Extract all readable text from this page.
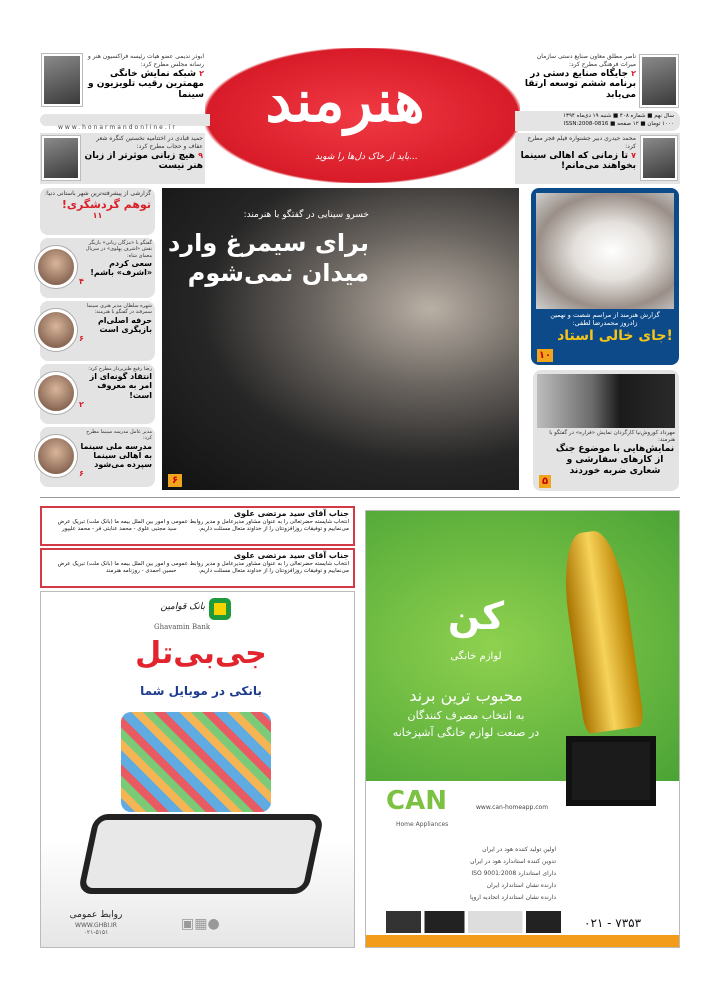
روزنامه
هنرمند
...باید از خاک دل‌ها را شوید
www.honarmandonline.ir
سال نهم ■ شماره ۴۰۸ ■ شنبه ۱۹ دی‌ماه ۱۳۹۴
۱۰۰۰ تومان ■ ۱۲ صفحه ■ ISSN:2008-0816
ابوذر ندیمی عضو هیات رئیسه فراکسیون هنر و رسانه مجلس مطرح کرد:
۲ شبکه نمایش خانگی مهمترین رقیب تلویزیون و سینما
حمید قبادی در اختتامیه نخستین کنگره شعر عفاف و حجاب مطرح کرد:
۹ هیچ زبانی موثرتر از زبان هنر نیست
ناصر مطلق معاون صنایع دستی سازمان میراث فرهنگی مطرح کرد:
۲ جایگاه صنایع دستی در برنامه ششم توسعه ارتقا می‌یابد
محمد حیدری دبیر جشنواره فیلم فجر مطرح کرد:
۷ تا زمانی که اهالی سینما بخواهند می‌مانم!
گزارشی از پیشرفته‌ترین شهر باستانی دنیا:
توهم گردشگری!
۱۱
گفتگو با «مژگان ربانی» بازیگر نقش «اشرف پهلوی» در سریال معمای شاه:
سعی کردم «اشرف» باشم!
۴
شهره سلطان مدیر هنری سینما سمرقند در گفتگو با هنرمند:
حرفه اصلی‌ام بازیگری است
۶
رضا رفیع طنزپرداز مطرح کرد:
انتقاد گونه‌ای از امر به معروف است!
۲
مدیر عامل مدرسه سینما مطرح کرد:
مدرسه ملی سینما به اهالی سینما سپرده می‌شود
۶
خسرو سینایی در گفتگو با هنرمند:
برای سیمرغ وارد
میدان نمی‌شوم
۶
گزارش هنرمند از مراسم شصت و نهمین زادروز محمدرضا لطفی:
جای خالی استاد!
۱۰
مهرداد کوروش‌نیا کارگردان نمایش «فراره» در گفتگو با هنرمند:
نمایش‌هایی با موضوع جنگ از کارهای سفارشی و شعاری ضربه خوردند
۵
جناب آقای سید مرتضی علوی
انتخاب شایسته حضرتعالی را به عنوان مشاور مدیرعامل و مدیر روابط عمومی و امور بین الملل بیمه ما (بانک ملت) تبریک عرض می‌نماییم و توفیقات روزافزونتان را از خداوند متعال مسئلت داریم. سید مجتبی علوی - محمد عنایتی فر - محمد علیپور
جناب آقای سید مرتضی علوی
انتخاب شایسته حضرتعالی را به عنوان مشاور مدیرعامل و مدیر روابط عمومی و امور بین الملل بیمه ما (بانک ملت) تبریک عرض می‌نماییم و توفیقات روزافزونتان را از خداوند متعال مسئلت داریم. حسین احمدی - روزنامه هنرمند
بانک قوامین
Ghavamin Bank
جی‌بی‌تل
بانکی در موبایل شما
▣▦●
روابط عمومی
WWW.GHBI.IR
۰۲۱-۵۱۵۱
کن
لوازم خانگی
محبوب ترین برند
به انتخاب مصرف کنندگان
در صنعت لوازم خانگی آشپزخانه
CAN
Home Appliances
www.can-homeapp.com
اولین تولید کننده هود در ایران
تدوین کننده استاندارد هود در ایران
دارای استاندارد ISO 9001:2008
دارنده نشان استاندارد ایران
دارنده نشان استاندارد اتحادیه اروپا
۰۲۱ - ۷۳۵۳
